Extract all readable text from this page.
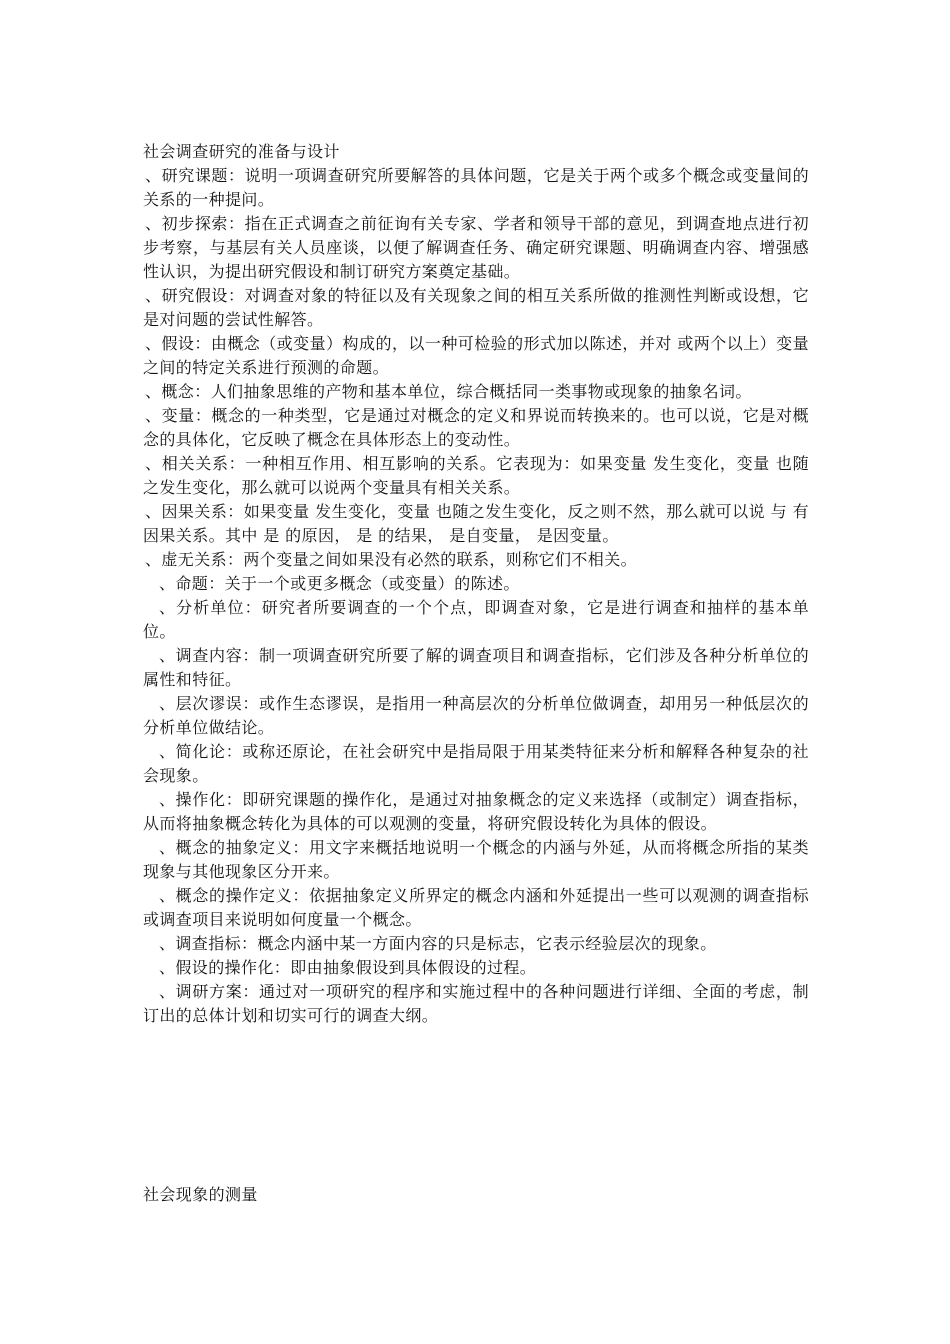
社会调查研究的准备与设计
、研究课题：说明一项调查研究所要解答的具体问题，它是关于两个或多个概念或变量间的关系的一种提问。
、初步探索：指在正式调查之前征询有关专家、学者和领导干部的意见，到调查地点进行初步考察，与基层有关人员座谈，以便了解调查任务、确定研究课题、明确调查内容、增强感性认识，为提出研究假设和制订研究方案奠定基础。
、研究假设：对调查对象的特征以及有关现象之间的相互关系所做的推测性判断或设想，它是对问题的尝试性解答。
、假设：由概念（或变量）构成的，以一种可检验的形式加以陈述，并对 或两个以上）变量之间的特定关系进行预测的命题。
、概念：人们抽象思维的产物和基本单位，综合概括同一类事物或现象的抽象名词。
、变量：概念的一种类型，它是通过对概念的定义和界说而转换来的。也可以说，它是对概念的具体化，它反映了概念在具体形态上的变动性。
、相关关系：一种相互作用、相互影响的关系。它表现为：如果变量 发生变化，变量 也随之发生变化，那么就可以说两个变量具有相关关系。
、因果关系：如果变量 发生变化，变量 也随之发生变化，反之则不然，那么就可以说 与 有因果关系。其中 是 的原因， 是 的结果， 是自变量， 是因变量。
、虚无关系：两个变量之间如果没有必然的联系，则称它们不相关。
、命题：关于一个或更多概念（或变量）的陈述。
、分析单位：研究者所要调查的一个个点，即调查对象，它是进行调查和抽样的基本单位。
、调查内容：制一项调查研究所要了解的调查项目和调查指标，它们涉及各种分析单位的属性和特征。
、层次谬误：或作生态谬误，是指用一种高层次的分析单位做调查，却用另一种低层次的分析单位做结论。
、简化论：或称还原论，在社会研究中是指局限于用某类特征来分析和解释各种复杂的社会现象。
、操作化：即研究课题的操作化，是通过对抽象概念的定义来选择（或制定）调查指标，从而将抽象概念转化为具体的可以观测的变量，将研究假设转化为具体的假设。
、概念的抽象定义：用文字来概括地说明一个概念的内涵与外延，从而将概念所指的某类现象与其他现象区分开来。
、概念的操作定义：依据抽象定义所界定的概念内涵和外延提出一些可以观测的调查指标或调查项目来说明如何度量一个概念。
、调查指标：概念内涵中某一方面内容的只是标志，它表示经验层次的现象。
、假设的操作化：即由抽象假设到具体假设的过程。
、调研方案：通过对一项研究的程序和实施过程中的各种问题进行详细、全面的考虑，制订出的总体计划和切实可行的调查大纲。
社会现象的测量
